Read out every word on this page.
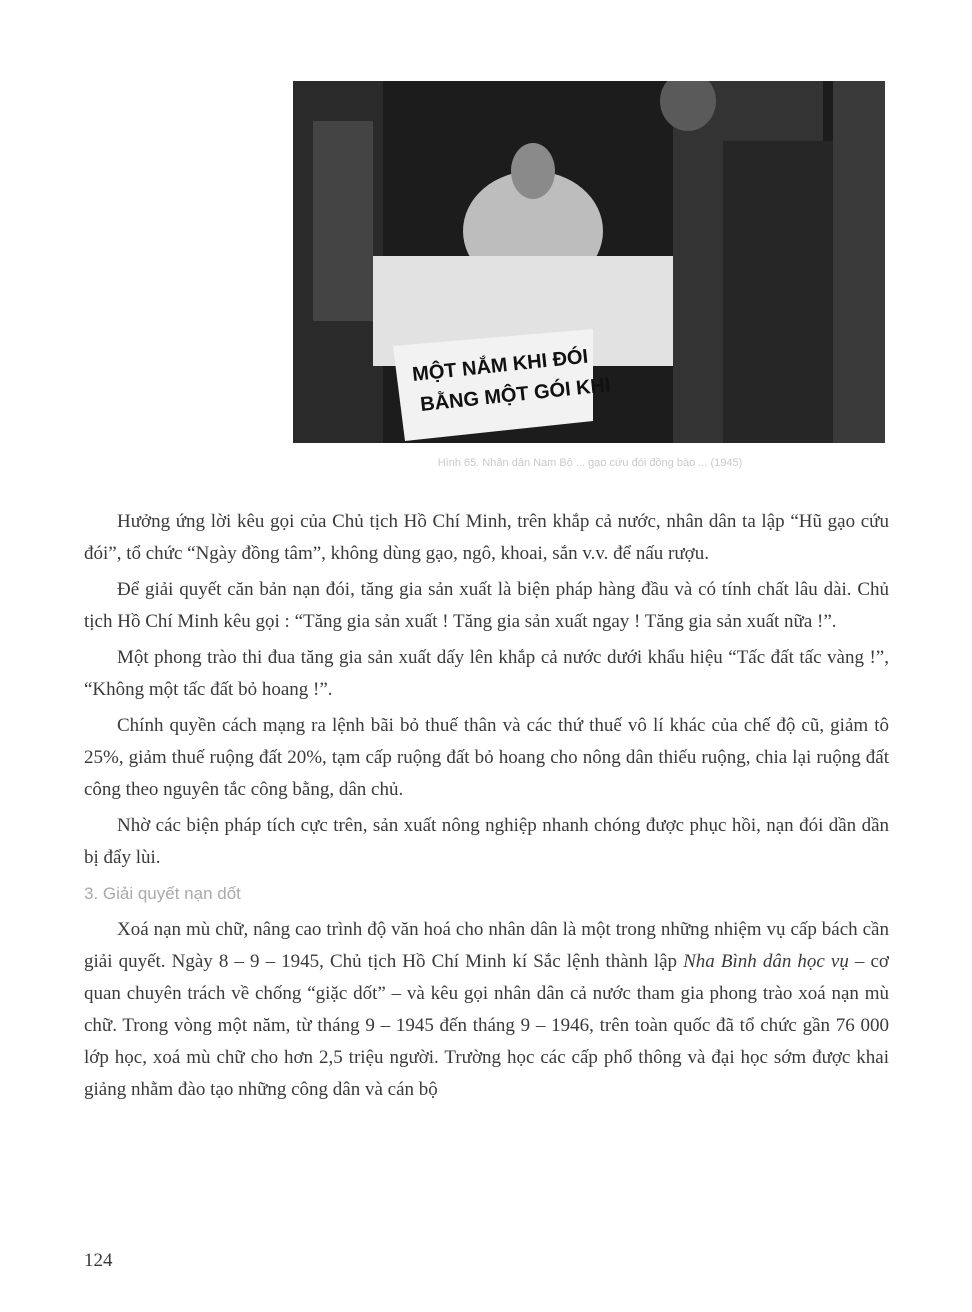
MỘT NẮM KHI ĐÓI
BẰNG MỘT GÓI KHI
Hình 65. Nhân dân Nam Bộ ... gạo cứu đói đồng bào ... (1945)

Hưởng ứng lời kêu gọi của Chủ tịch Hồ Chí Minh, trên khắp cả nước, nhân dân ta lập “Hũ gạo cứu đói”, tổ chức “Ngày đồng tâm”, không dùng gạo, ngô, khoai, sắn v.v. để nấu rượu.

Để giải quyết căn bản nạn đói, tăng gia sản xuất là biện pháp hàng đầu và có tính chất lâu dài. Chủ tịch Hồ Chí Minh kêu gọi : “Tăng gia sản xuất ! Tăng gia sản xuất ngay ! Tăng gia sản xuất nữa !”.

Một phong trào thi đua tăng gia sản xuất dấy lên khắp cả nước dưới khẩu hiệu “Tấc đất tấc vàng !”, “Không một tấc đất bỏ hoang !”.

Chính quyền cách mạng ra lệnh bãi bỏ thuế thân và các thứ thuế vô lí khác của chế độ cũ, giảm tô 25%, giảm thuế ruộng đất 20%, tạm cấp ruộng đất bỏ hoang cho nông dân thiếu ruộng, chia lại ruộng đất công theo nguyên tắc công bằng, dân chủ.

Nhờ các biện pháp tích cực trên, sản xuất nông nghiệp nhanh chóng được phục hồi, nạn đói dần dần bị đẩy lùi.

3. Giải quyết nạn dốt

Xoá nạn mù chữ, nâng cao trình độ văn hoá cho nhân dân là một trong những nhiệm vụ cấp bách cần giải quyết. Ngày 8 – 9 – 1945, Chủ tịch Hồ Chí Minh kí Sắc lệnh thành lập Nha Bình dân học vụ – cơ quan chuyên trách về chống “giặc dốt” – và kêu gọi nhân dân cả nước tham gia phong trào xoá nạn mù chữ. Trong vòng một năm, từ tháng 9 – 1945 đến tháng 9 – 1946, trên toàn quốc đã tổ chức gần 76 000 lớp học, xoá mù chữ cho hơn 2,5 triệu người. Trường học các cấp phổ thông và đại học sớm được khai giảng nhằm đào tạo những công dân và cán bộ

124
